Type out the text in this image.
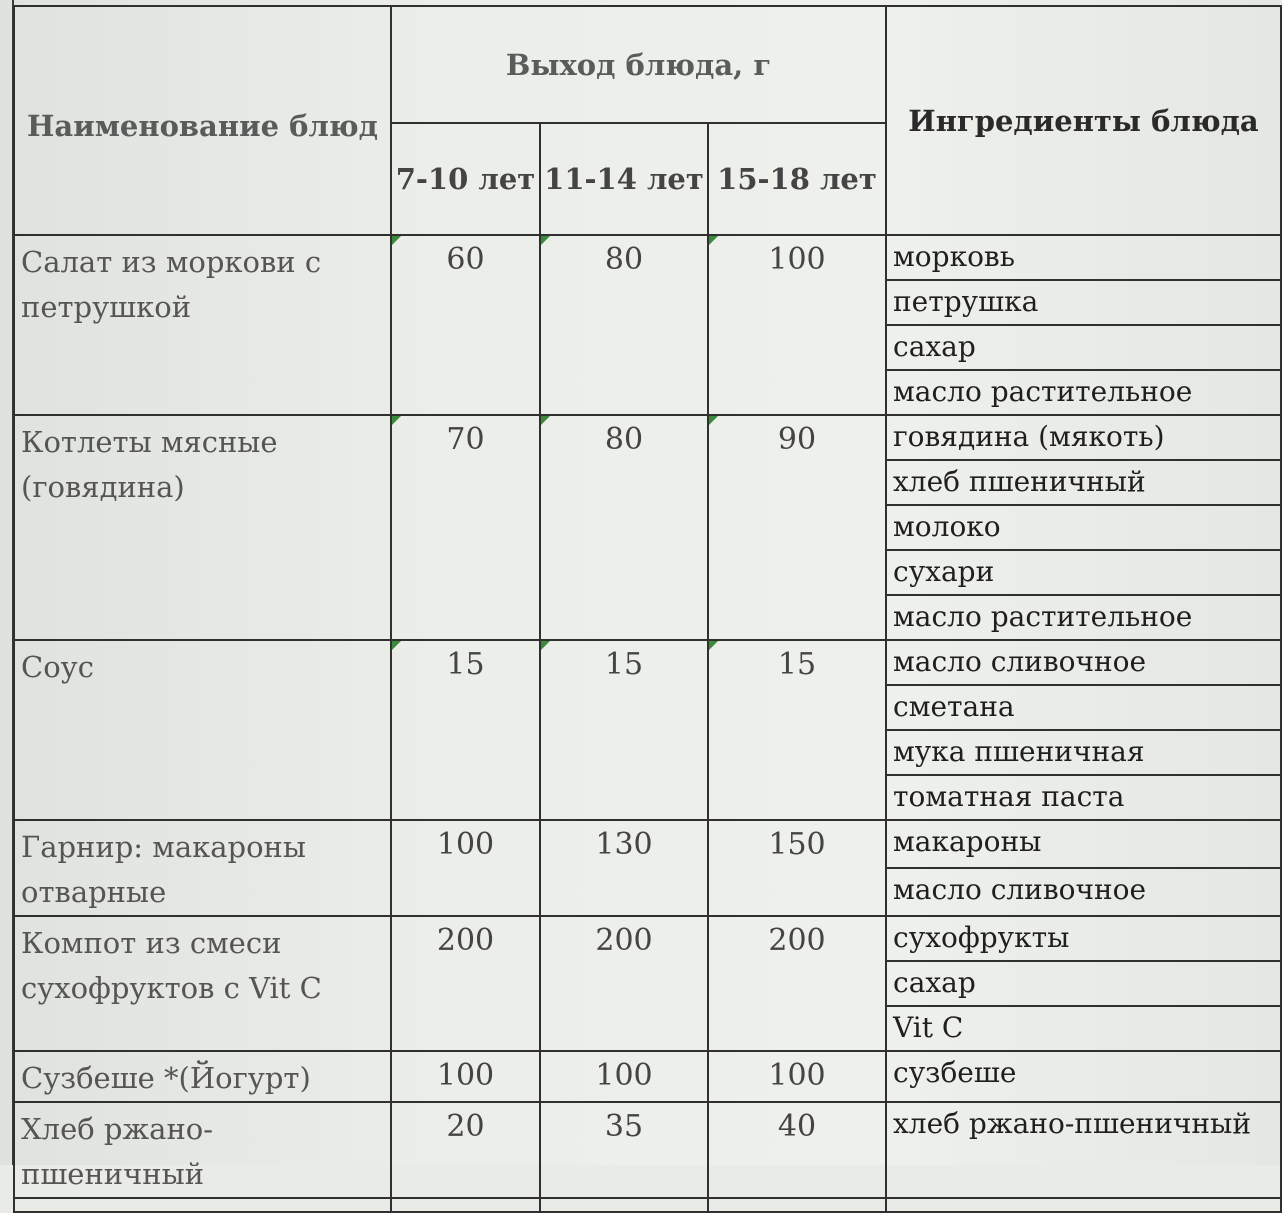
Наименование блюд	Выход блюда, г			Ингредиенты блюда
	7-10 лет	11-14 лет	15-18 лет	
Салат из моркови с петрушкой	60	80	100	морковь
				петрушка
				сахар
				масло растительное
Котлеты мясные (говядина)	70	80	90	говядина (мякоть)
				хлеб пшеничный
				молоко
				сухари
				масло растительное
Соус	15	15	15	масло сливочное
				сметана
				мука пшеничная
				томатная паста
Гарнир: макароны отварные	100	130	150	макароны
				масло сливочное
Компот из смеси сухофруктов с Vit C	200	200	200	сухофрукты
				сахар
				Vit C
Сузбеше *(Йогурт)	100	100	100	сузбеше
Хлеб ржано-пшеничный	20	35	40	хлеб ржано-пшеничный
